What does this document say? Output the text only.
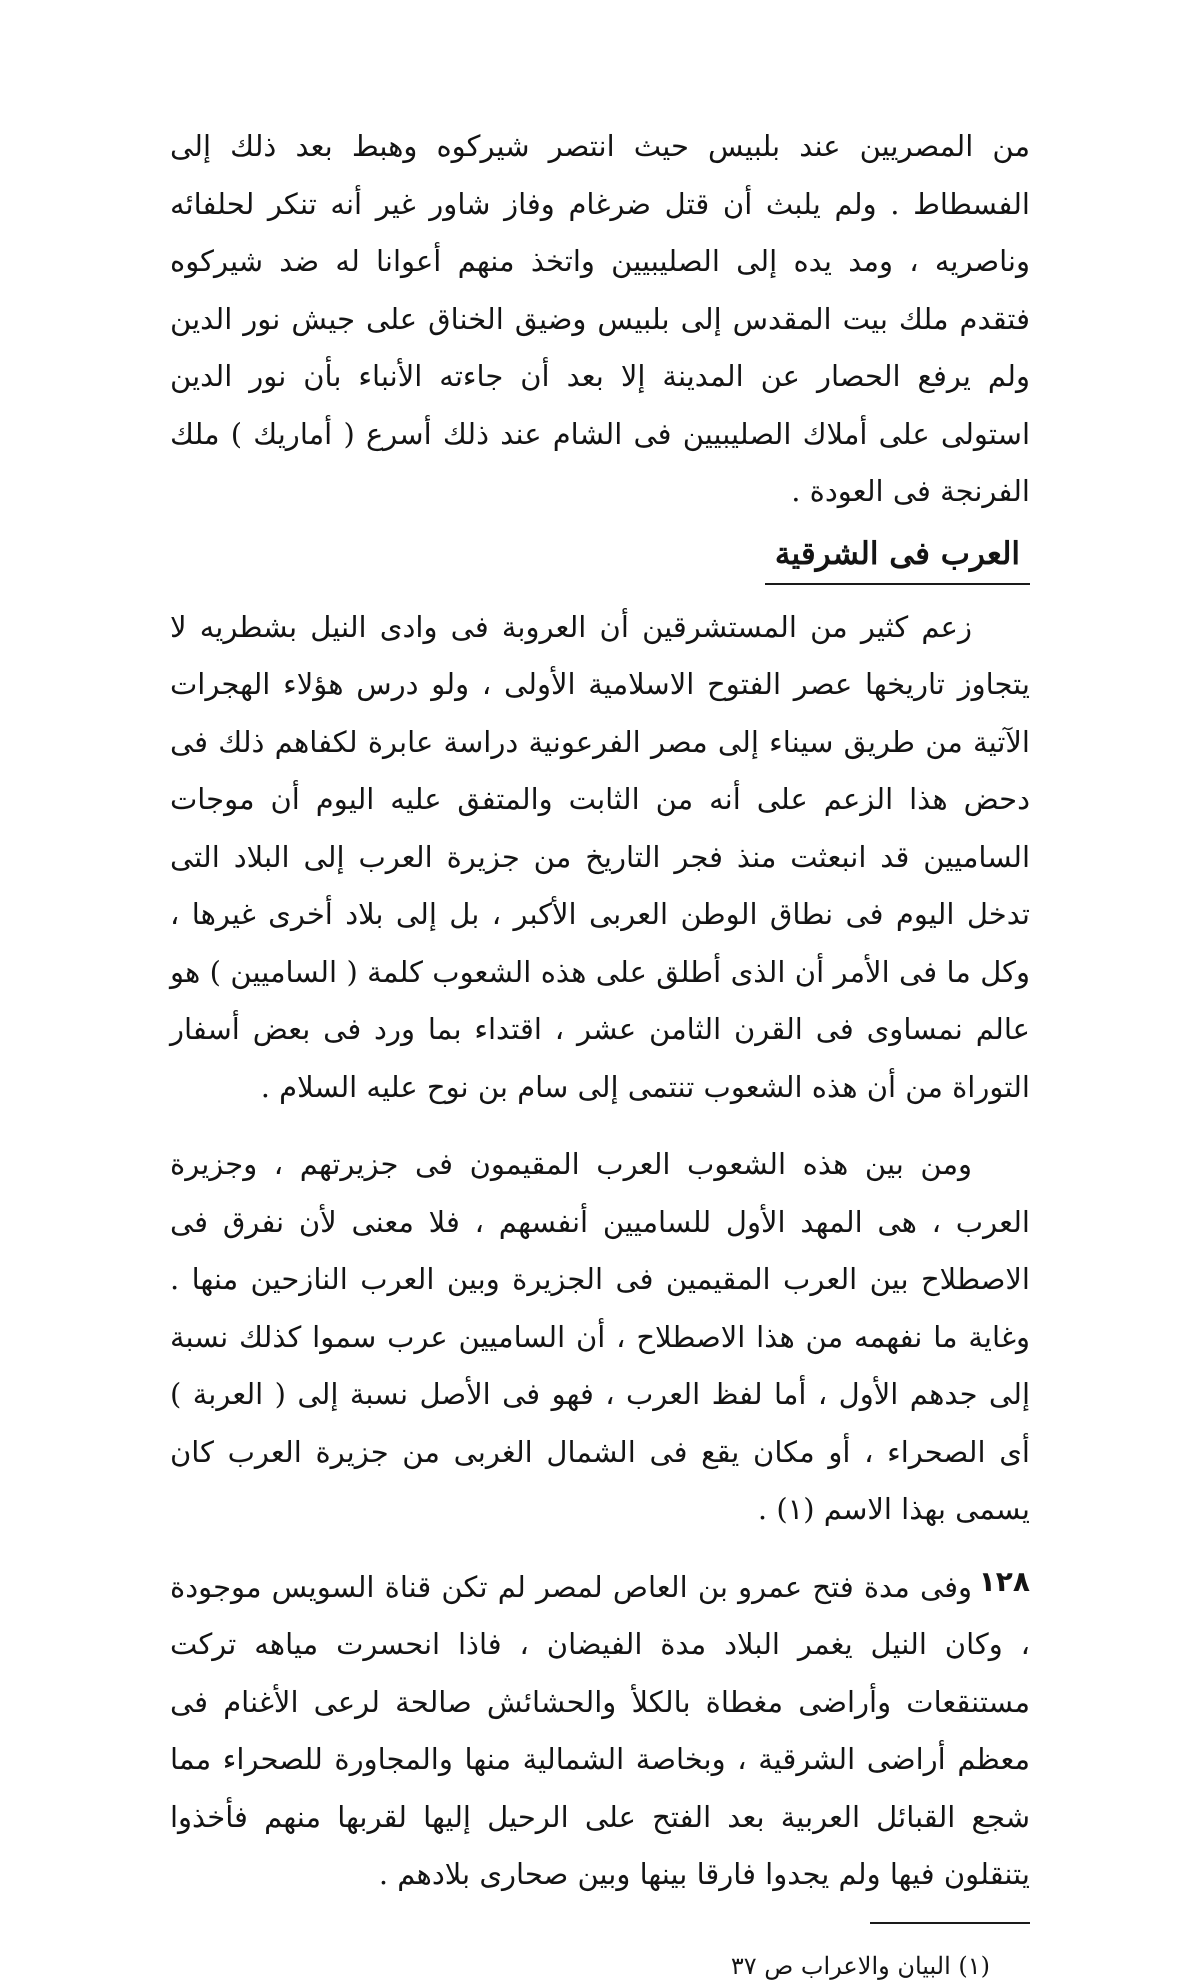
من المصريين عند بلبيس حيث انتصر شيركوه وهبط بعد ذلك إلى الفسطاط . ولم يلبث أن قتل ضرغام وفاز شاور غير أنه تنكر لحلفائه وناصريه ، ومد يده إلى الصليبيين واتخذ منهم أعوانا له ضد شيركوه فتقدم ملك بيت المقدس إلى بلبيس وضيق الخناق على جيش نور الدين ولم يرفع الحصار عن المدينة إلا بعد أن جاءته الأنباء بأن نور الدين استولى على أملاك الصليبيين فى الشام عند ذلك أسرع ( أماريك ) ملك الفرنجة فى العودة .

العرب فى الشرقية

زعم كثير من المستشرقين أن العروبة فى وادى النيل بشطريه لا يتجاوز تاريخها عصر الفتوح الاسلامية الأولى ، ولو درس هؤلاء الهجرات الآتية من طريق سيناء إلى مصر الفرعونية دراسة عابرة لكفاهم ذلك فى دحض هذا الزعم على أنه من الثابت والمتفق عليه اليوم أن موجات الساميين قد انبعثت منذ فجر التاريخ من جزيرة العرب إلى البلاد التى تدخل اليوم فى نطاق الوطن العربى الأكبر ، بل إلى بلاد أخرى غيرها ، وكل ما فى الأمر أن الذى أطلق على هذه الشعوب كلمة ( الساميين ) هو عالم نمساوى فى القرن الثامن عشر ، اقتداء بما ورد فى بعض أسفار التوراة من أن هذه الشعوب تنتمى إلى سام بن نوح عليه السلام .

ومن بين هذه الشعوب العرب المقيمون فى جزيرتهم ، وجزيرة العرب ، هى المهد الأول للساميين أنفسهم ، فلا معنى لأن نفرق فى الاصطلاح بين العرب المقيمين فى الجزيرة وبين العرب النازحين منها . وغاية ما نفهمه من هذا الاصطلاح ، أن الساميين عرب سموا كذلك نسبة إلى جدهم الأول ، أما لفظ العرب ، فهو فى الأصل نسبة إلى ( العربة ) أى الصحراء ، أو مكان يقع فى الشمال الغربى من جزيرة العرب كان يسمى بهذا الاسم (١) .

وفى مدة فتح عمرو بن العاص لمصر لم تكن قناة السويس موجودة ، وكان النيل يغمر البلاد مدة الفيضان ، فاذا انحسرت مياهه تركت مستنقعات وأراضى مغطاة بالكلأ والحشائش صالحة لرعى الأغنام فى معظم أراضى الشرقية ، وبخاصة الشمالية منها والمجاورة للصحراء مما شجع القبائل العربية بعد الفتح على الرحيل إليها لقربها منهم فأخذوا يتنقلون فيها ولم يجدوا فارقا بينها وبين صحارى بلادهم .

(١) البيان والاعراب ص ٣٧

١٢٨
